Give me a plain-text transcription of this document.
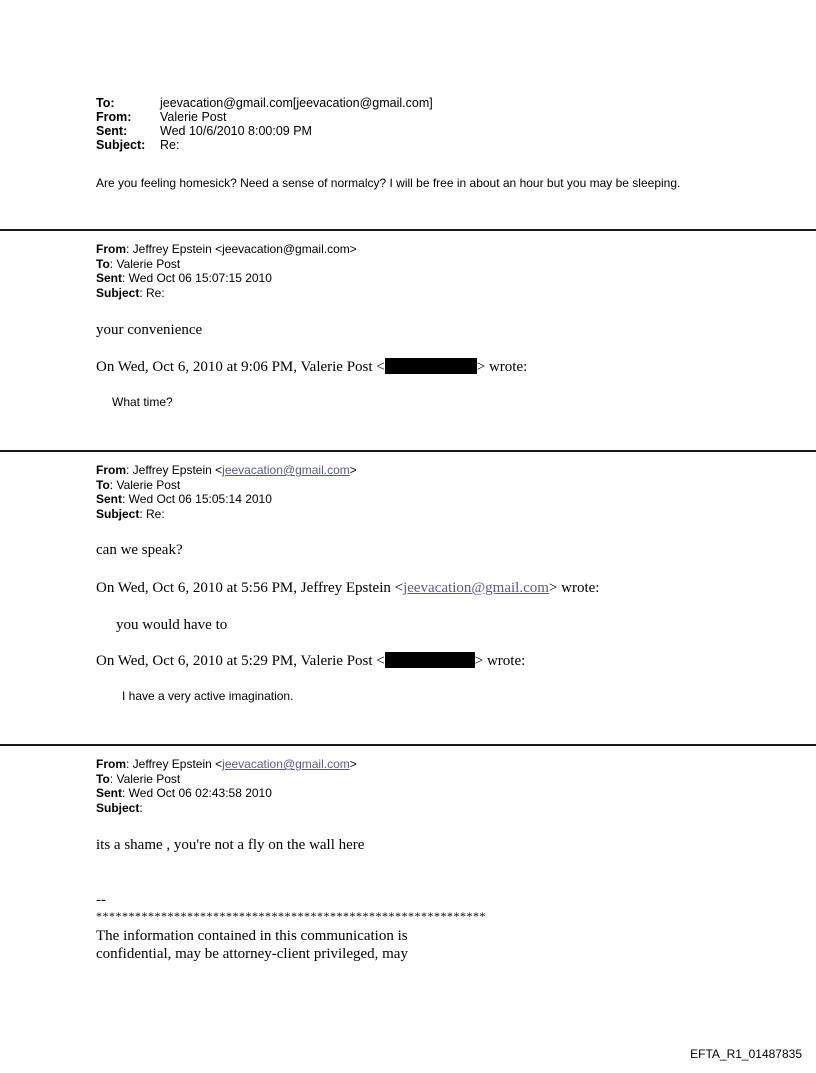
To:	jeevacation@gmail.com[jeevacation@gmail.com]
From:	Valerie Post
Sent:	Wed 10/6/2010 8:00:09 PM
Subject:	Re:
Are you feeling homesick? Need a sense of normalcy? I will be free in about an hour but you may be sleeping.
From: Jeffrey Epstein <jeevacation@gmail.com>
To: Valerie Post
Sent: Wed Oct 06 15:07:15 2010
Subject: Re:
your convenience
On Wed, Oct 6, 2010 at 9:06 PM, Valerie Post <	> wrote:
What time?
From: Jeffrey Epstein <jeevacation@gmail.com>
To: Valerie Post
Sent: Wed Oct 06 15:05:14 2010
Subject: Re:
can we speak?
On Wed, Oct 6, 2010 at 5:56 PM, Jeffrey Epstein <jeevacation@gmail.com> wrote:
you would have to
On Wed, Oct 6, 2010 at 5:29 PM, Valerie Post <	> wrote:
I have a very active imagination.
From: Jeffrey Epstein <jeevacation@gmail.com>
To: Valerie Post
Sent: Wed Oct 06 02:43:58 2010
Subject:
its a shame , you're not a fly on the wall here
--
************************************************************
The information contained in this communication is
confidential, may be attorney-client privileged, may
EFTA_R1_01487835
